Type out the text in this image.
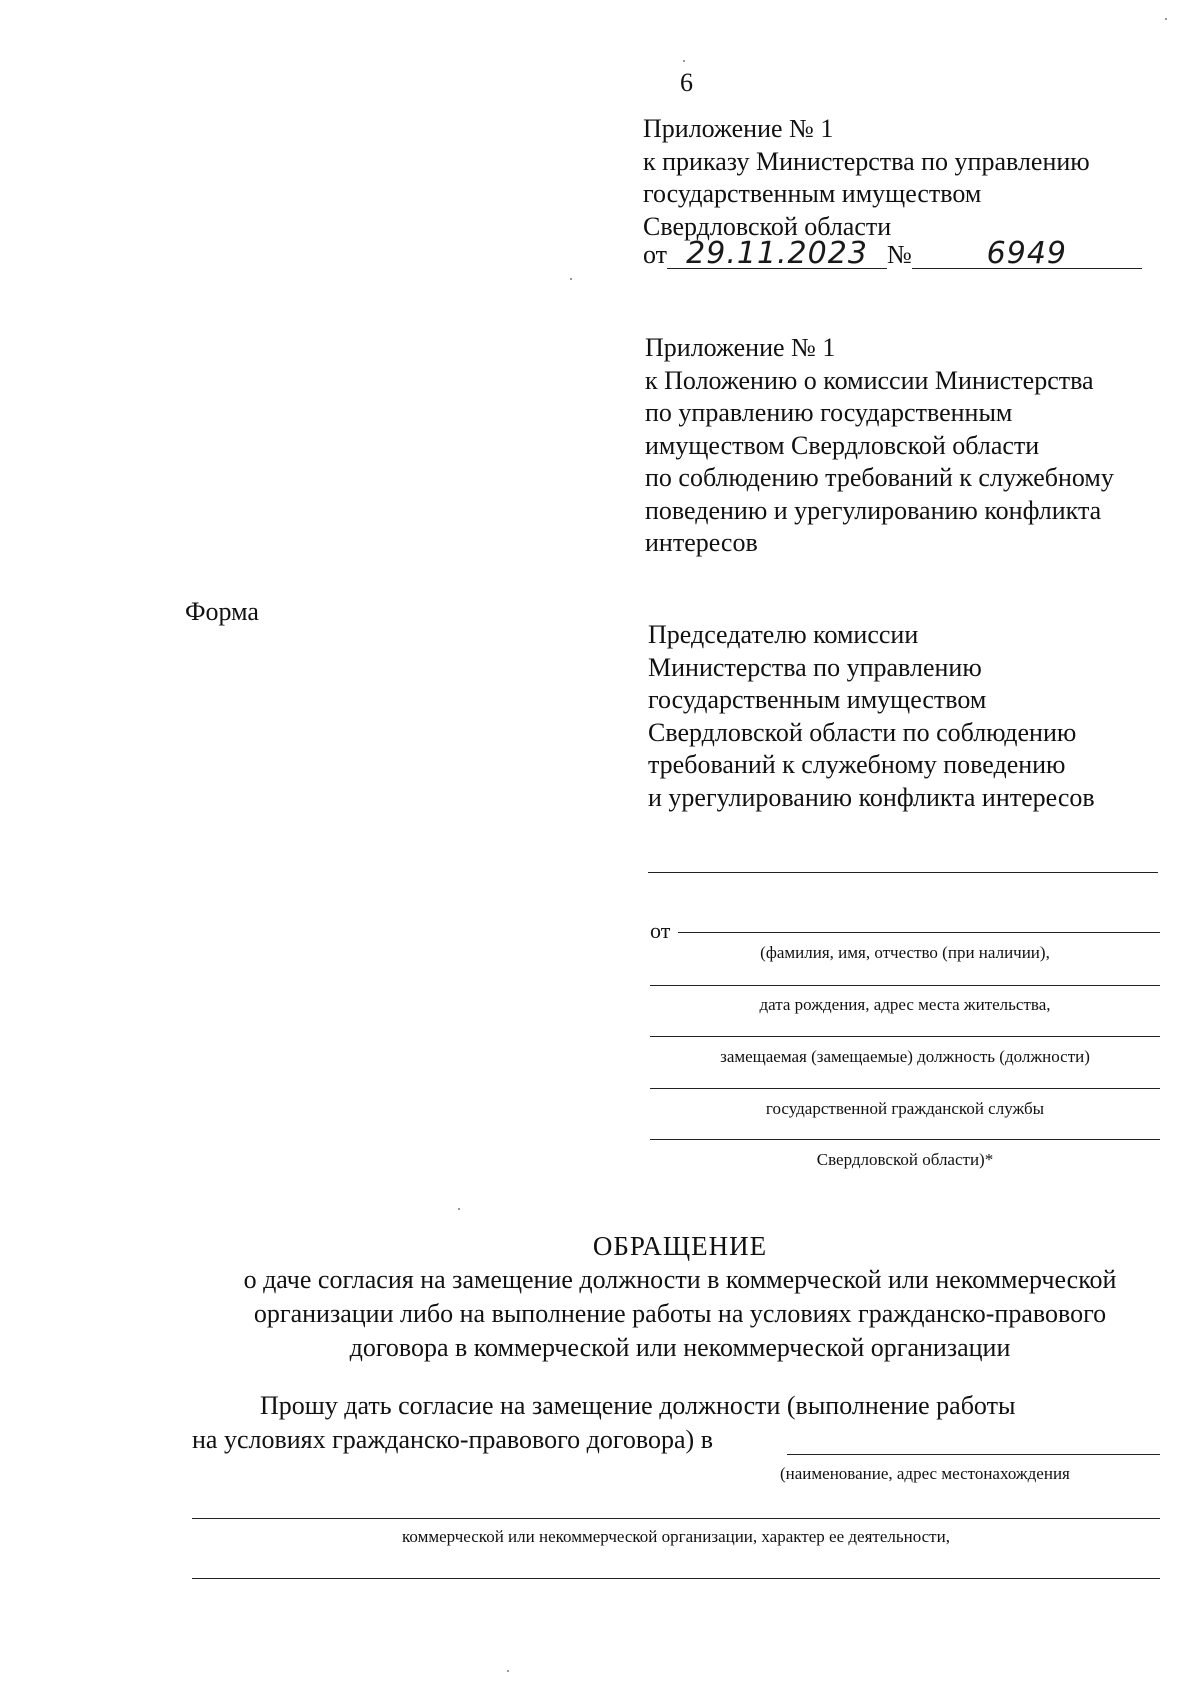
6
Приложение № 1
к приказу Министерства по управлению
государственным имуществом
Свердловской области
от 29.11.2023 № 6949
Приложение № 1
к Положению о комиссии Министерства
по управлению государственным
имуществом Свердловской области
по соблюдению требований к служебному
поведению и урегулированию конфликта
интересов
Форма
Председателю комиссии
Министерства по управлению
государственным имуществом
Свердловской области по соблюдению
требований к служебному поведению
и урегулированию конфликта интересов
от
(фамилия, имя, отчество (при наличии),
дата рождения, адрес места жительства,
замещаемая (замещаемые) должность (должности)
государственной гражданской службы
Свердловской области)*
ОБРАЩЕНИЕ
о даче согласия на замещение должности в коммерческой или некоммерческой
организации либо на выполнение работы на условиях гражданско-правового
договора в коммерческой или некоммерческой организации
Прошу дать согласие на замещение должности (выполнение работы
на условиях гражданско-правового договора) в
(наименование, адрес местонахождения
коммерческой или некоммерческой организации, характер ее деятельности,
